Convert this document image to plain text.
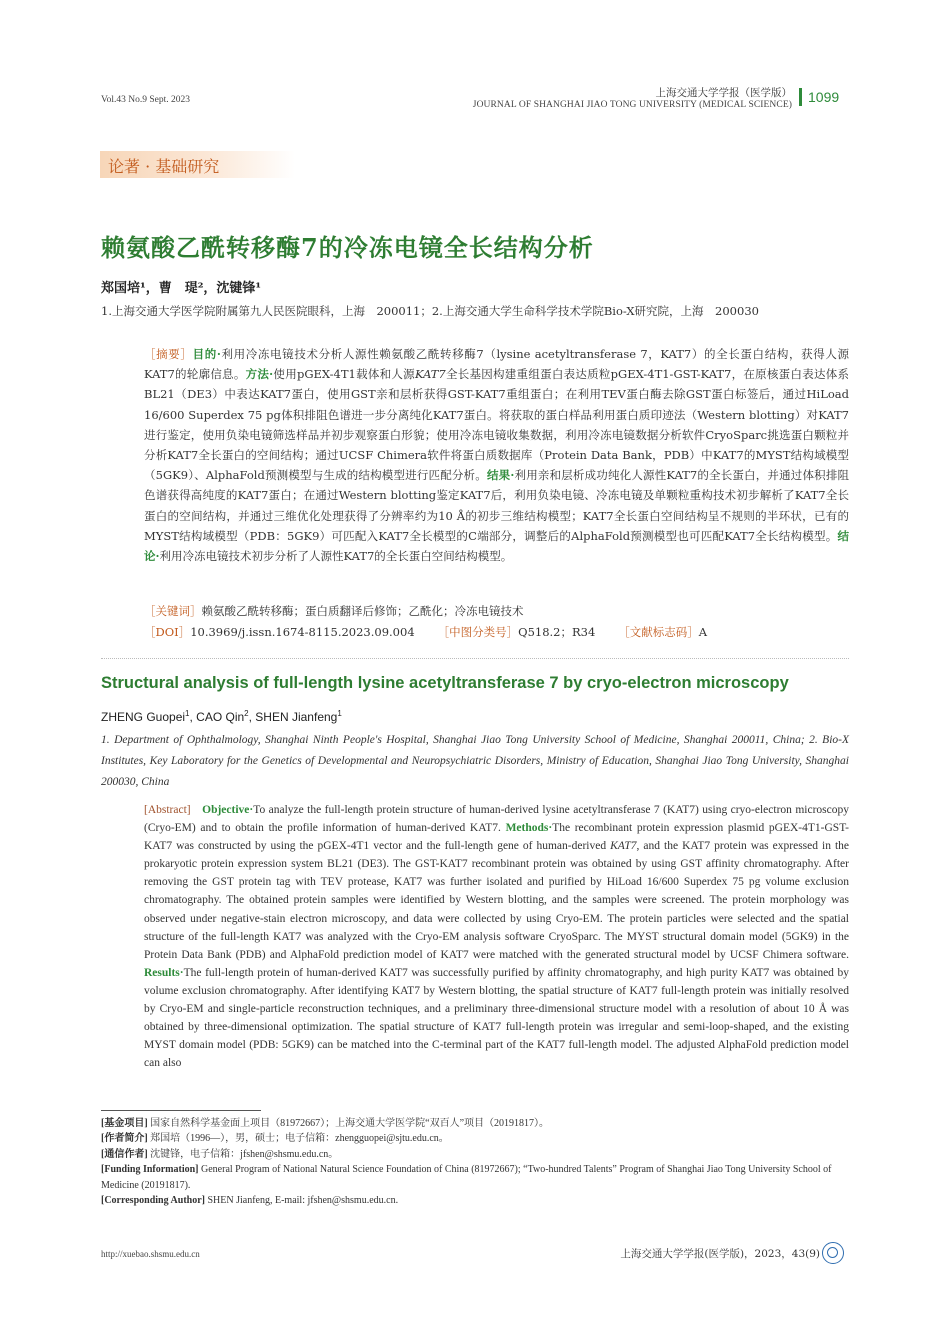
Vol.43 No.9 Sept. 2023
上海交通大学学报（医学版）
JOURNAL OF SHANGHAI JIAO TONG UNIVERSITY (MEDICAL SCIENCE) 1099
论著 · 基础研究
赖氨酸乙酰转移酶7的冷冻电镜全长结构分析
郑国培¹，曹　瑅²，沈键锋¹
1.上海交通大学医学院附属第九人民医院眼科，上海　200011；2.上海交通大学生命科学技术学院Bio-X研究院，上海　200030
［摘要］目的·利用冷冻电镜技术分析人源性赖氨酸乙酰转移酶7（lysine acetyltransferase 7，KAT7）的全长蛋白结构，获得人源KAT7的轮廓信息。方法·使用pGEX-4T1载体和人源KAT7全长基因构建重组蛋白表达质粒pGEX-4T1-GST-KAT7，在原核蛋白表达体系BL21（DE3）中表达KAT7蛋白，使用GST亲和层析获得GST-KAT7重组蛋白；在利用TEV蛋白酶去除GST蛋白标签后，通过HiLoad 16/600 Superdex 75 pg体积排阻色谱进一步分离纯化KAT7蛋白。将获取的蛋白样品利用蛋白质印迹法（Western blotting）对KAT7进行鉴定，使用负染电镜筛选样品并初步观察蛋白形貌；使用冷冻电镜收集数据，利用冷冻电镜数据分析软件CryoSparc挑选蛋白颗粒并分析KAT7全长蛋白的空间结构；通过UCSF Chimera软件将蛋白质数据库（Protein Data Bank，PDB）中KAT7的MYST结构域模型（5GK9）、AlphaFold预测模型与生成的结构模型进行匹配分析。结果·利用亲和层析成功纯化人源性KAT7的全长蛋白，并通过体积排阻色谱获得高纯度的KAT7蛋白；在通过Western blotting鉴定KAT7后，利用负染电镜、冷冻电镜及单颗粒重构技术初步解析了KAT7全长蛋白的空间结构，并通过三维优化处理获得了分辨率约为10 Å的初步三维结构模型；KAT7全长蛋白空间结构呈不规则的半环状，已有的MYST结构域模型（PDB：5GK9）可匹配入KAT7全长模型的C端部分，调整后的AlphaFold预测模型也可匹配KAT7全长结构模型。结论·利用冷冻电镜技术初步分析了人源性KAT7的全长蛋白空间结构模型。
［关键词］赖氨酸乙酰转移酶；蛋白质翻译后修饰；乙酰化；冷冻电镜技术
［DOI］10.3969/j.issn.1674-8115.2023.09.004   ［中图分类号］Q518.2；R34   ［文献标志码］A
Structural analysis of full-length lysine acetyltransferase 7 by cryo-electron microscopy
ZHENG Guopei$^1$, CAO Qin$^2$, SHEN Jianfeng$^1$
1. Department of Ophthalmology, Shanghai Ninth People's Hospital, Shanghai Jiao Tong University School of Medicine, Shanghai 200011, China; 2. Bio-X Institutes, Key Laboratory for the Genetics of Developmental and Neuropsychiatric Disorders, Ministry of Education, Shanghai Jiao Tong University, Shanghai 200030, China
[Abstract]  Objective·To analyze the full-length protein structure of human-derived lysine acetyltransferase 7 (KAT7) using cryo-electron microscopy (Cryo-EM) and to obtain the profile information of human-derived KAT7. Methods·The recombinant protein expression plasmid pGEX-4T1-GST-KAT7 was constructed by using the pGEX-4T1 vector and the full-length gene of human-derived KAT7, and the KAT7 protein was expressed in the prokaryotic protein expression system BL21 (DE3). The GST-KAT7 recombinant protein was obtained by using GST affinity chromatography. After removing the GST protein tag with TEV protease, KAT7 was further isolated and purified by HiLoad 16/600 Superdex 75 pg volume exclusion chromatography. The obtained protein samples were identified by Western blotting, and the samples were screened. The protein morphology was observed under negative-stain electron microscopy, and data were collected by using Cryo-EM. The protein particles were selected and the spatial structure of the full-length KAT7 was analyzed with the Cryo-EM analysis software CryoSparc. The MYST structural domain model (5GK9) in the Protein Data Bank (PDB) and AlphaFold prediction model of KAT7 were matched with the generated structural model by UCSF Chimera software. Results·The full-length protein of human-derived KAT7 was successfully purified by affinity chromatography, and high purity KAT7 was obtained by volume exclusion chromatography. After identifying KAT7 by Western blotting, the spatial structure of KAT7 full-length protein was initially resolved by Cryo-EM and single-particle reconstruction techniques, and a preliminary three-dimensional structure model with a resolution of about 10 Å was obtained by three-dimensional optimization. The spatial structure of KAT7 full-length protein was irregular and semi-loop-shaped, and the existing MYST domain model (PDB: 5GK9) can be matched into the C-terminal part of the KAT7 full-length model. The adjusted AlphaFold prediction model can also
[基金项目] 国家自然科学基金面上项目（81972667）；上海交通大学医学院“双百人”项目（20191817）。
[作者简介] 郑国培（1996—），男，硕士；电子信箱：zhengguopei@sjtu.edu.cn。
[通信作者] 沈键锋，电子信箱：jfshen@shsmu.edu.cn。
[Funding Information] General Program of National Natural Science Foundation of China (81972667); “Two-hundred Talents” Program of Shanghai Jiao Tong University School of Medicine (20191817).
[Corresponding Author] SHEN Jianfeng, E-mail: jfshen@shsmu.edu.cn.
http://xuebao.shsmu.edu.cn	上海交通大学学报(医学版)，2023，43(9)
